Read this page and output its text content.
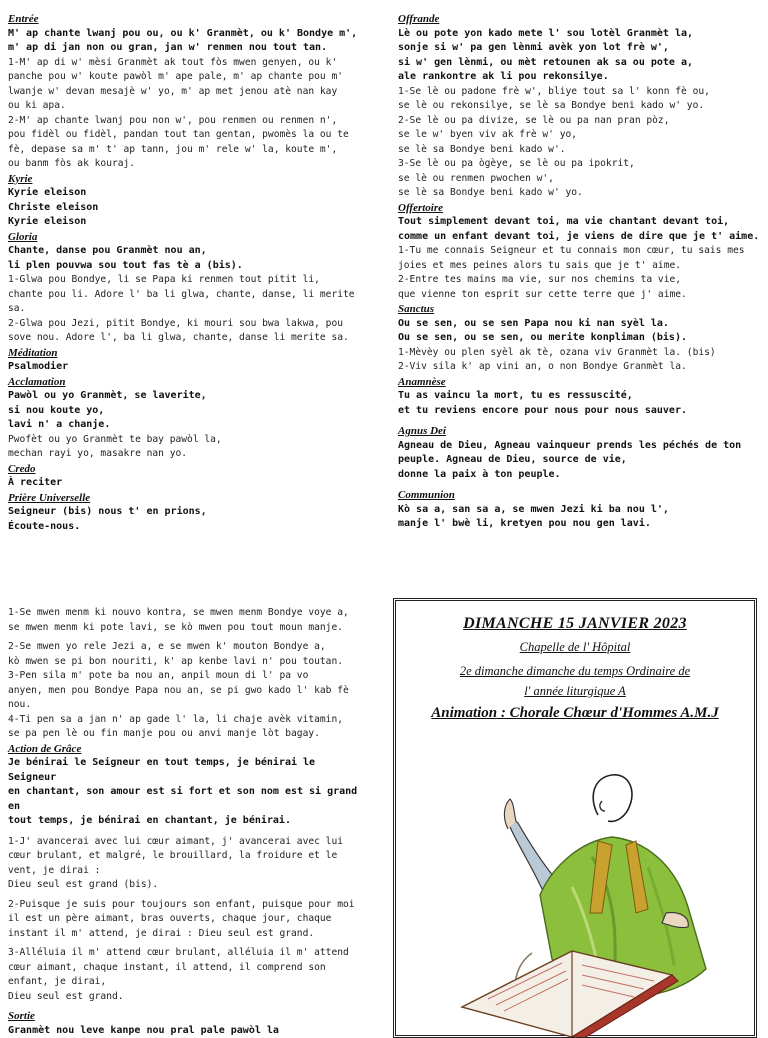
Entrée

M' ap chante lwanj pou ou, ou k' Granmèt, ou k' Bondye m',

m' ap di jan non ou gran, jan w' renmen nou tout tan.

1-M' ap di w' mèsi Granmèt ak tout fòs mwen genyen, ou k'

panche pou w' koute pawòl m' ape pale, m' ap chante pou m'

lwanje w' devan mesajè w' yo, m' ap met jenou atè nan kay

ou ki apa.

2-M' ap chante lwanj pou non w', pou renmen ou renmen n',

pou fidèl ou fidèl, pandan tout tan gentan, pwomès la ou te

fè, depase sa m' t' ap tann, jou m' rele w' la, koute m',

ou banm fòs ak kouraj.

Kyrie

Kyrie eleison

Christe eleison

Kyrie eleison

Gloria

Chante, danse pou Granmèt nou an,

li plen pouvwa sou tout fas tè a (bis).

1-Glwa pou Bondye, li se Papa ki renmen tout pitit li,

chante pou li. Adore l' ba li glwa, chante, danse, li merite

sa.

2-Glwa pou Jezi, pitit Bondye, ki mouri sou bwa lakwa, pou

sove nou. Adore l', ba li glwa, chante, danse li merite sa.

Méditation

Psalmodier

Acclamation

Pawòl ou yo Granmèt, se laverite,

si nou koute yo,

lavi n' a chanje.

Pwofèt ou yo Granmèt te bay pawòl la,

mechan rayi yo, masakre nan yo.

Credo

À reciter

Prière Universelle

Seigneur (bis) nous t' en prions,

Écoute-nous.

Offrande

Lè ou pote yon kado mete l' sou lotèl Granmèt la,

sonje si w' pa gen lènmi avèk yon lot frè w',

si w' gen lènmi, ou mèt retounen ak sa ou pote a,

ale rankontre ak li pou rekonsilye.

1-Se lè ou padone frè w', bliye tout sa l' konn fè ou,

se lè ou rekonsilye, se lè sa Bondye beni kado w' yo.

2-Se lè ou pa divize, se lè ou pa nan pran pòz,

se le w' byen viv ak frè w' yo,

se lè sa Bondye beni kado w'.

3-Se lè ou pa ògèye, se lè ou pa ipokrit,

se lè ou renmen pwochen w',

se lè sa Bondye beni kado w' yo.

Offertoire

Tout simplement devant toi, ma vie chantant devant toi,

comme un enfant devant toi, je viens de dire que je t' aime.

1-Tu me connais Seigneur et tu connais mon cœur, tu sais mes

joies et mes peines alors tu sais que je t' aime.

2-Entre tes mains ma vie, sur nos chemins ta vie,

que vienne ton esprit sur cette terre que j' aime.

Sanctus

Ou se sen, ou se sen Papa nou ki nan syèl la.

Ou se sen, ou se sen, ou merite konpliman (bis).

1-Mèvèy ou plen syèl ak tè, ozana viv Granmèt la. (bis)

2-Viv sila k' ap vini an, o non Bondye Granmèt la.

Anamnèse

Tu as vaincu la mort, tu es ressuscité,

et tu reviens encore pour nous pour nous sauver.

Agnus Dei

Agneau de Dieu, Agneau vainqueur prends les péchés de ton

peuple. Agneau de Dieu, source de vie,

donne la paix à ton peuple.

Communion

Kò sa a, san sa a, se mwen Jezi ki ba nou l',

manje l' bwè li, kretyen pou nou gen lavi.

1-Se mwen menm ki nouvo kontra, se mwen menm Bondye voye a,

se mwen menm ki pote lavi, se kò mwen pou tout moun manje.

2-Se mwen yo rele Jezi a, e se mwen k' mouton Bondye a,

kò mwen se pi bon nouriti, k' ap kenbe lavi n' pou toutan.

3-Pen sila m' pote ba nou an, anpil moun di l' pa vo

anyen, men pou Bondye Papa nou an, se pi gwo kado l' kab fè

nou.

4-Ti pen sa a jan n' ap gade l' la, li chaje avèk vitamin,

se pa pen lè ou fin manje pou ou anvi manje lòt bagay.

Action de Grâce

Je bénirai le Seigneur en tout temps, je bénirai le Seigneur

en chantant, son amour est si fort et son nom est si grand en

tout temps, je bénirai en chantant, je bénirai.

1-J' avancerai avec lui cœur aimant, j' avancerai avec lui

cœur brulant, et malgré, le brouillard, la froidure et le

vent, je dirai :

Dieu seul est grand (bis).

2-Puisque je suis pour toujours son enfant, puisque pour moi

il est un père aimant, bras ouverts, chaque jour, chaque

instant il m' attend, je dirai : Dieu seul est grand.

3-Alléluia il m' attend cœur brulant, alléluia il m' attend

cœur aimant, chaque instant, il attend, il comprend son

enfant, je dirai,

Dieu seul est grand.

Sortie

Granmèt nou leve kanpe nou pral pale pawòl la

DIMANCHE 15 JANVIER 2023
Chapelle de l' Hôpital
2e dimanche dimanche du temps Ordinaire de
l' année liturgique A
Animation : Chorale Chœur d'Hommes A.M.J
